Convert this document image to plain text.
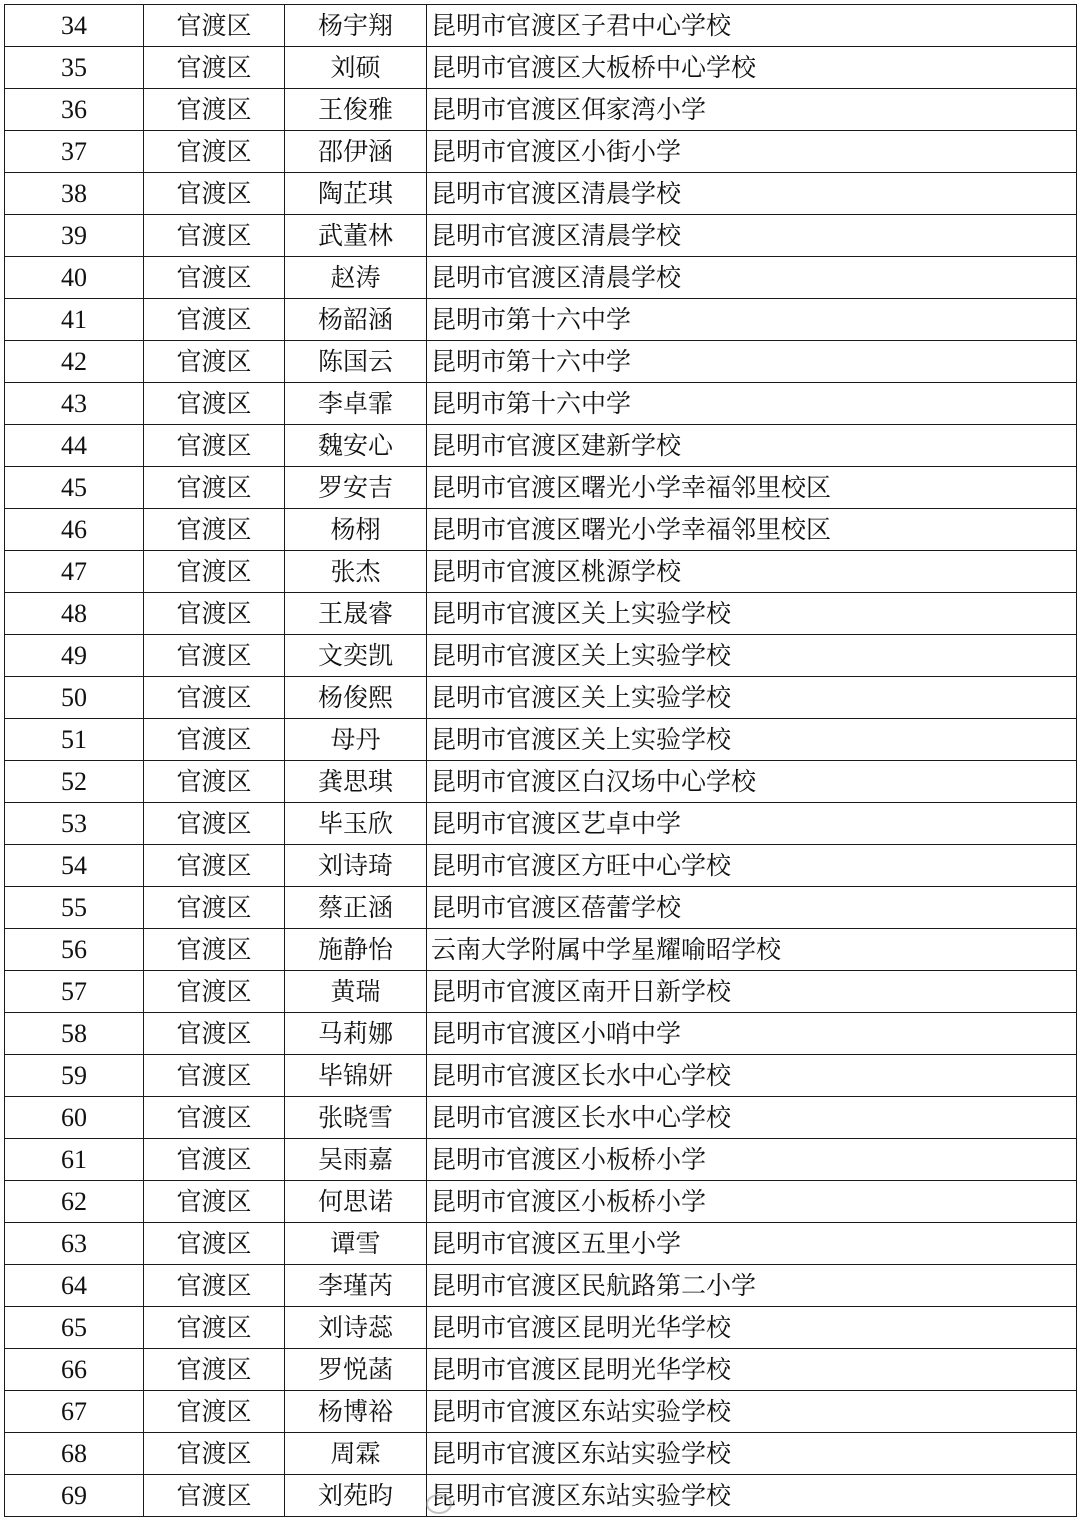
34	官渡区	杨宇翔	昆明市官渡区子君中心学校
35	官渡区	刘硕	昆明市官渡区大板桥中心学校
36	官渡区	王俊雅	昆明市官渡区佴家湾小学
37	官渡区	邵伊涵	昆明市官渡区小街小学
38	官渡区	陶芷琪	昆明市官渡区清晨学校
39	官渡区	武董林	昆明市官渡区清晨学校
40	官渡区	赵涛	昆明市官渡区清晨学校
41	官渡区	杨韶涵	昆明市第十六中学
42	官渡区	陈国云	昆明市第十六中学
43	官渡区	李卓霏	昆明市第十六中学
44	官渡区	魏安心	昆明市官渡区建新学校
45	官渡区	罗安吉	昆明市官渡区曙光小学幸福邻里校区
46	官渡区	杨栩	昆明市官渡区曙光小学幸福邻里校区
47	官渡区	张杰	昆明市官渡区桃源学校
48	官渡区	王晟睿	昆明市官渡区关上实验学校
49	官渡区	文奕凯	昆明市官渡区关上实验学校
50	官渡区	杨俊熙	昆明市官渡区关上实验学校
51	官渡区	母丹	昆明市官渡区关上实验学校
52	官渡区	龚思琪	昆明市官渡区白汉场中心学校
53	官渡区	毕玉欣	昆明市官渡区艺卓中学
54	官渡区	刘诗琦	昆明市官渡区方旺中心学校
55	官渡区	蔡正涵	昆明市官渡区蓓蕾学校
56	官渡区	施静怡	云南大学附属中学星耀喻昭学校
57	官渡区	黄瑞	昆明市官渡区南开日新学校
58	官渡区	马莉娜	昆明市官渡区小哨中学
59	官渡区	毕锦妍	昆明市官渡区长水中心学校
60	官渡区	张晓雪	昆明市官渡区长水中心学校
61	官渡区	吴雨嘉	昆明市官渡区小板桥小学
62	官渡区	何思诺	昆明市官渡区小板桥小学
63	官渡区	谭雪	昆明市官渡区五里小学
64	官渡区	李瑾芮	昆明市官渡区民航路第二小学
65	官渡区	刘诗蕊	昆明市官渡区昆明光华学校
66	官渡区	罗悦菡	昆明市官渡区昆明光华学校
67	官渡区	杨博裕	昆明市官渡区东站实验学校
68	官渡区	周霖	昆明市官渡区东站实验学校
69	官渡区	刘苑昀	昆明市官渡区东站实验学校
